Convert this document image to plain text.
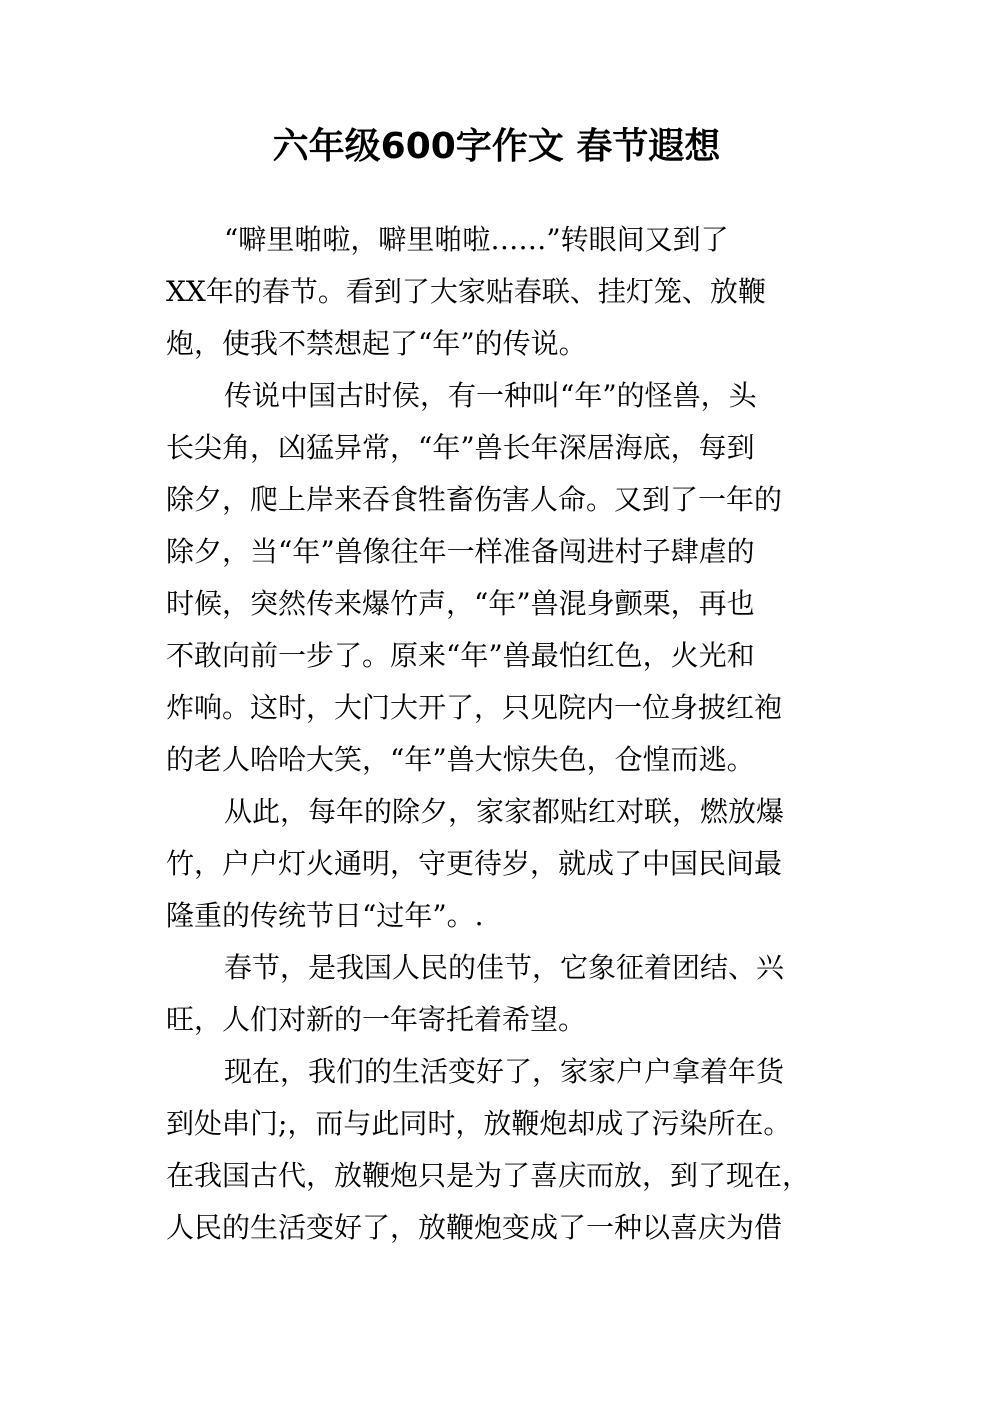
六年级600字作文 春节遐想
“噼里啪啦，噼里啪啦……”转眼间又到了
XX年的春节。看到了大家贴春联、挂灯笼、放鞭
炮，使我不禁想起了“年”的传说。
传说中国古时侯，有一种叫“年”的怪兽，头
长尖角，凶猛异常，“年”兽长年深居海底，每到
除夕，爬上岸来吞食牲畜伤害人命。又到了一年的
除夕，当“年”兽像往年一样准备闯进村子肆虐的
时候，突然传来爆竹声，“年”兽混身颤栗，再也
不敢向前一步了。原来“年”兽最怕红色，火光和
炸响。这时，大门大开了，只见院内一位身披红袍
的老人哈哈大笑，“年”兽大惊失色，仓惶而逃。
从此，每年的除夕，家家都贴红对联，燃放爆
竹，户户灯火通明，守更待岁，就成了中国民间最
隆重的传统节日“过年”。.
春节，是我国人民的佳节，它象征着团结、兴
旺，人们对新的一年寄托着希望。
现在，我们的生活变好了，家家户户拿着年货
到处串门;，而与此同时，放鞭炮却成了污染所在。
在我国古代，放鞭炮只是为了喜庆而放，到了现在，
人民的生活变好了，放鞭炮变成了一种以喜庆为借
